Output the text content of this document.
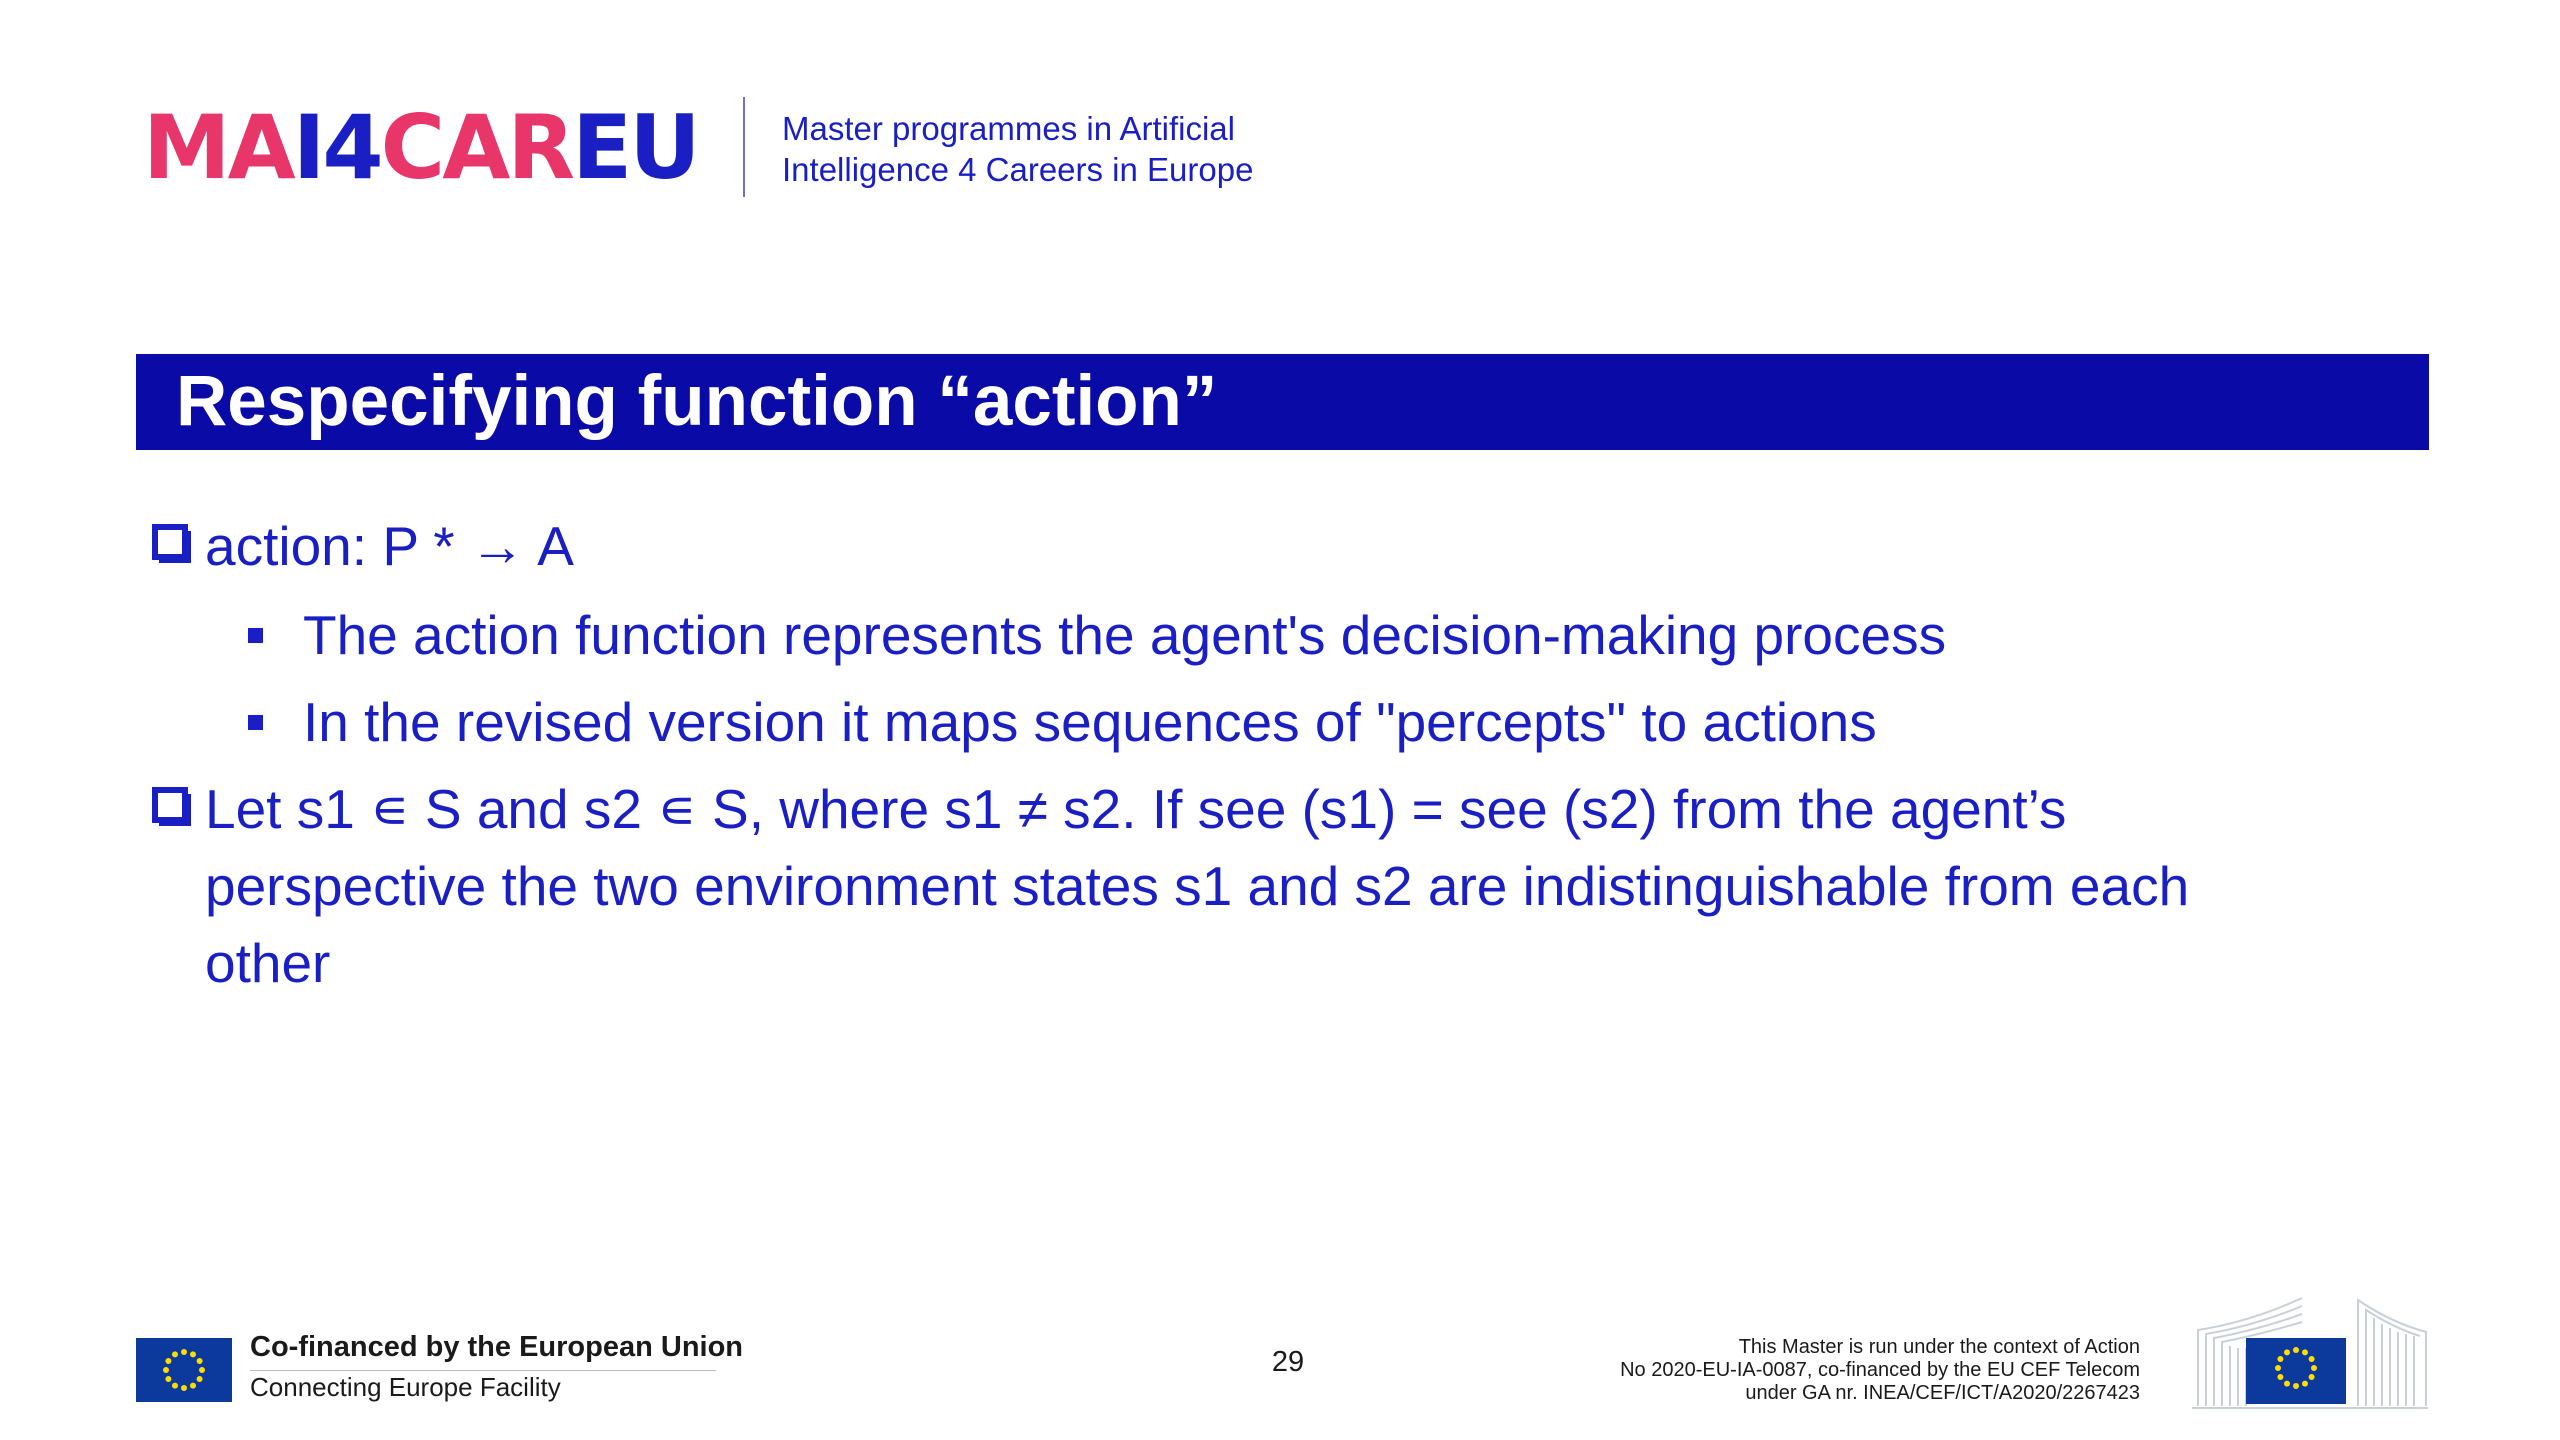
MAI4CAREU	Master programmes in Artificial
Intelligence 4 Careers in Europe
Respecifying function “action”
action: P * → A
The action function represents the agent's decision-making process
In the revised version it maps sequences of "percepts" to actions
Let s1 ∊ S and s2 ∊ S, where s1 ≠ s2. If see (s1) = see (s2) from the agent’s
perspective the two environment states s1 and s2 are indistinguishable from each
other
Co-financed by the European Union
Connecting Europe Facility
29	This Master is run under the context of Action
No 2020-EU-IA-0087, co-financed by the EU CEF Telecom
under GA nr. INEA/CEF/ICT/A2020/2267423
